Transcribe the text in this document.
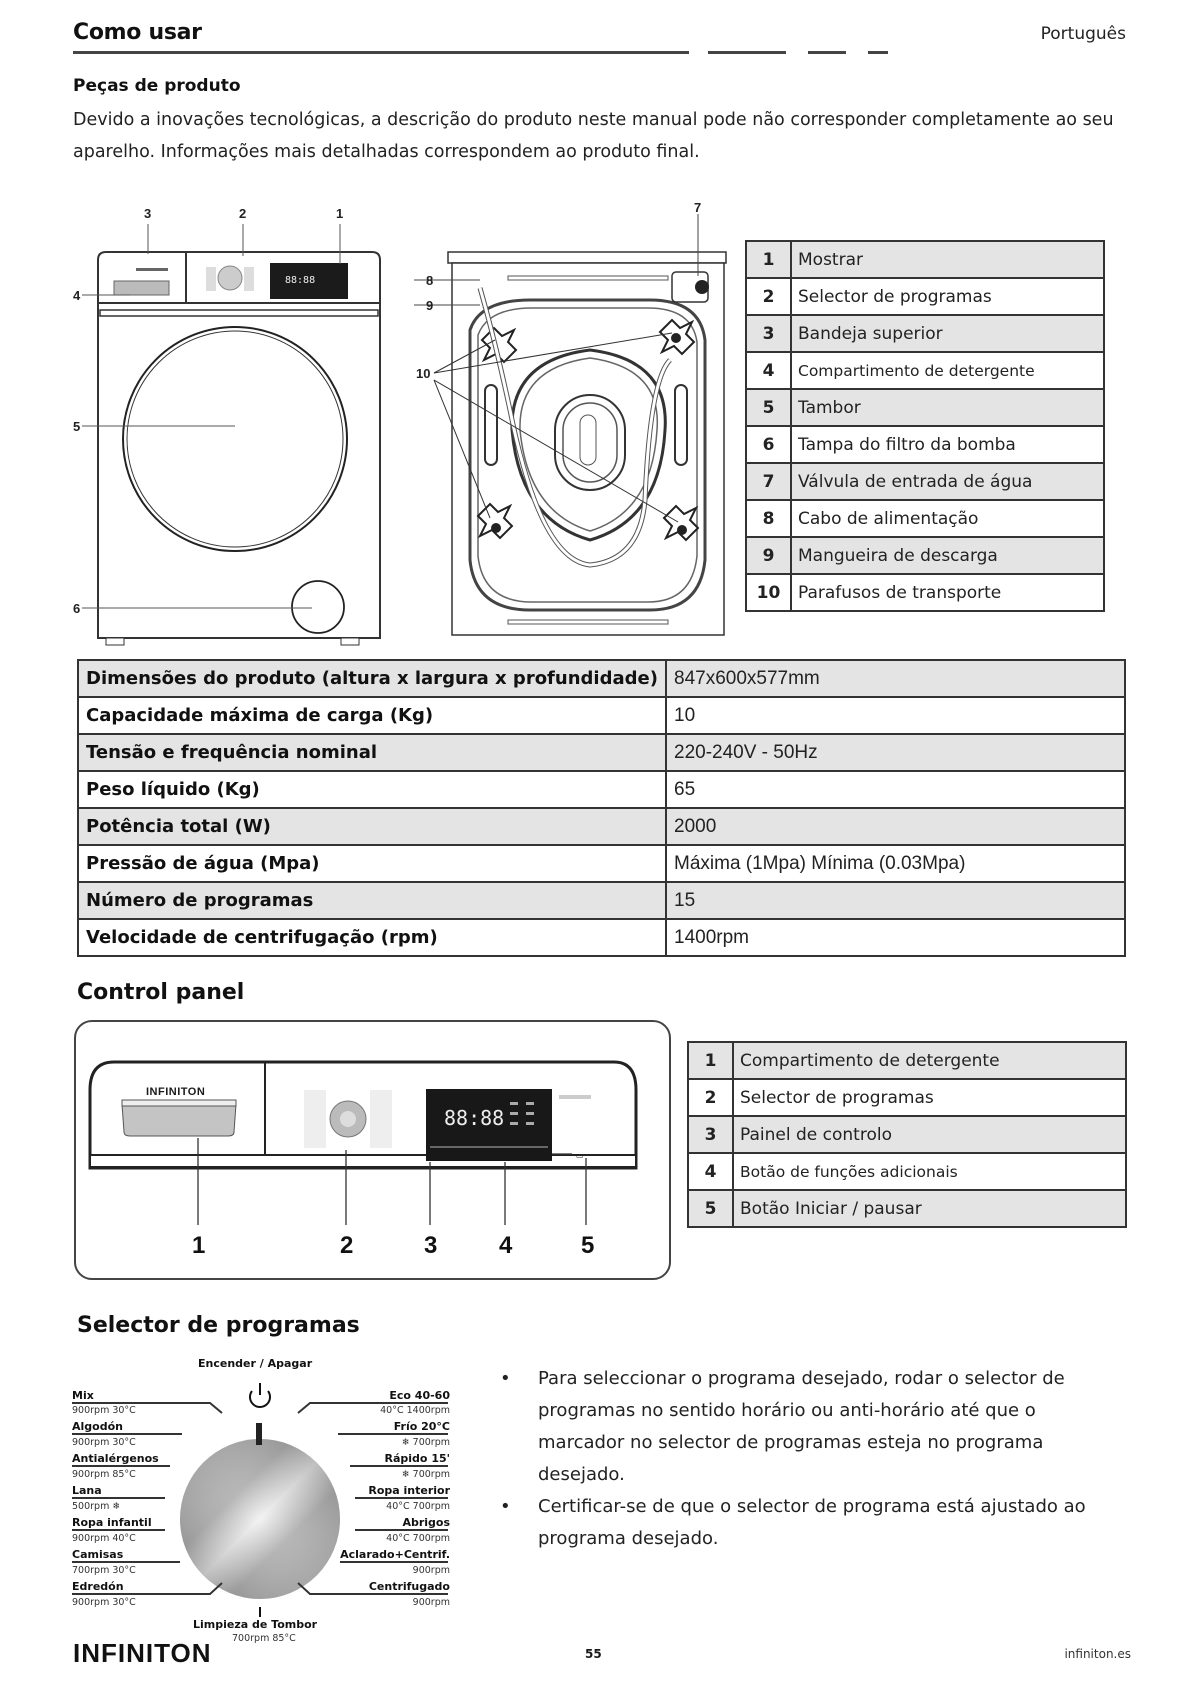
Como usar	Português
Peças de produto
Devido a inovações tecnológicas, a descrição do produto neste manual pode não corresponder completamente ao seu aparelho. Informações mais detalhadas correspondem ao produto final.
88:88
3	2	1
4
5
6
7
8
9
10
1	Mostrar
2	Selector de programas
3	Bandeja superior
4	Compartimento de detergente
5	Tambor
6	Tampa do filtro da bomba
7	Válvula de entrada de água
8	Cabo de alimentação
9	Mangueira de descarga
10	Parafusos de transporte
Dimensões do produto (altura x largura x profundidade)	847x600x577mm
Capacidade máxima de carga (Kg)	10
Tensão e frequência nominal	220-240V - 50Hz
Peso líquido (Kg)	65
Potência total (W)	2000
Pressão de água (Mpa)	Máxima (1Mpa) Mínima (0.03Mpa)
Número de programas	15
Velocidade de centrifugação (rpm)	1400rpm
Control panel
88:88
▭
INFINITON
1	2	3	4	5
1	Compartimento de detergente
2	Selector de programas
3	Painel de controlo
4	Botão de funções adicionais
5	Botão Iniciar / pausar
Selector de programas
Encender / Apagar
Mix
900rpm 30°C
Algodón
900rpm 30°C
Antialérgenos
900rpm 85°C
Lana
500rpm ❄
Ropa infantil
900rpm 40°C
Camisas
700rpm 30°C
Edredón
900rpm 30°C
Eco 40-60
40°C 1400rpm
Frío 20°C
❄ 700rpm
Rápido 15'
❄ 700rpm
Ropa interior
40°C 700rpm
Abrigos
40°C 700rpm
Aclarado+Centrif.
900rpm
Centrifugado
900rpm
Limpieza de Tombor
700rpm 85°C
• Para seleccionar o programa desejado, rodar o selector de programas no sentido horário ou anti-horário até que o marcador no selector de programas esteja no programa desejado.
• Certificar-se de que o selector de programa está ajustado ao programa desejado.
INFINITON	55	infiniton.es
